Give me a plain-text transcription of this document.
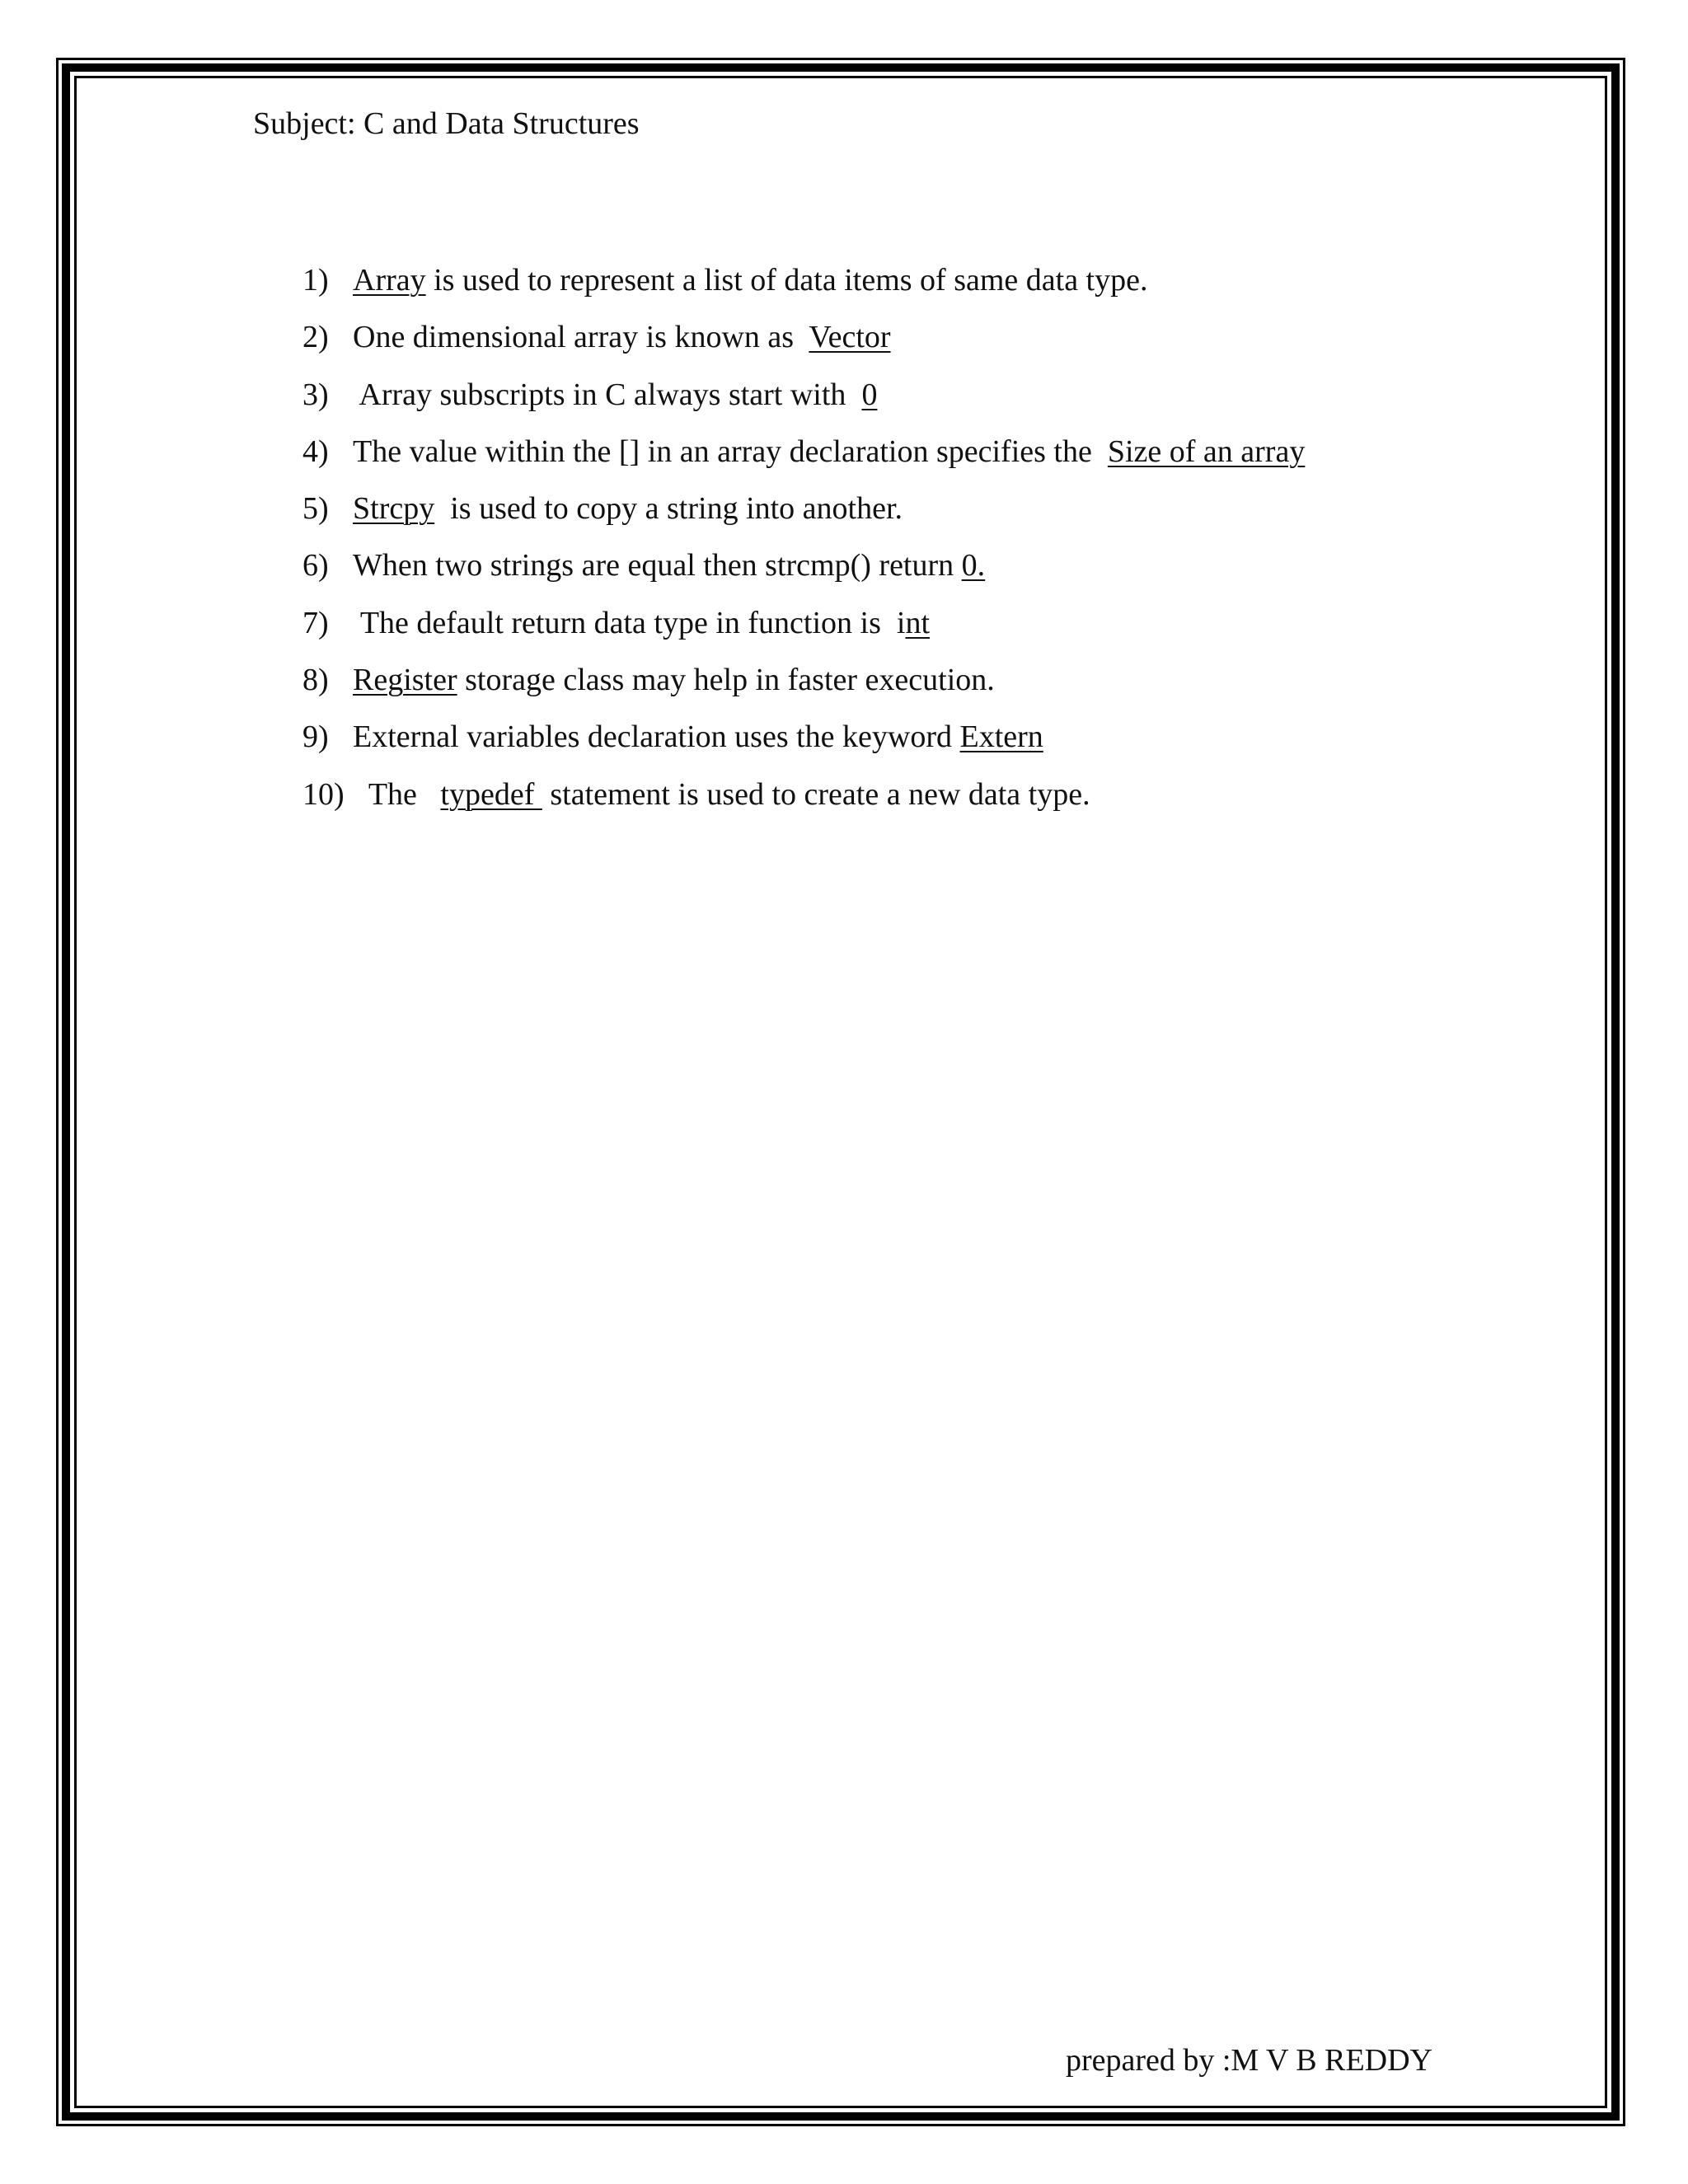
Subject: C and Data Structures

1)

Array is used to represent a list of data items of same data type.

2)

One dimensional array is known as  Vector

3)

Array subscripts in C always start with  0

4)

The value within the [] in an array declaration specifies the  Size of an array

5)

Strcpy  is used to copy a string into another.

6)

When two strings are equal then strcmp() return 0.

7)

The default return data type in function is  int

8)

Register storage class may help in faster execution.

9)

External variables declaration uses the keyword Extern

10)

The   typedef  statement is used to create a new data type.

prepared by :M V B REDDY
